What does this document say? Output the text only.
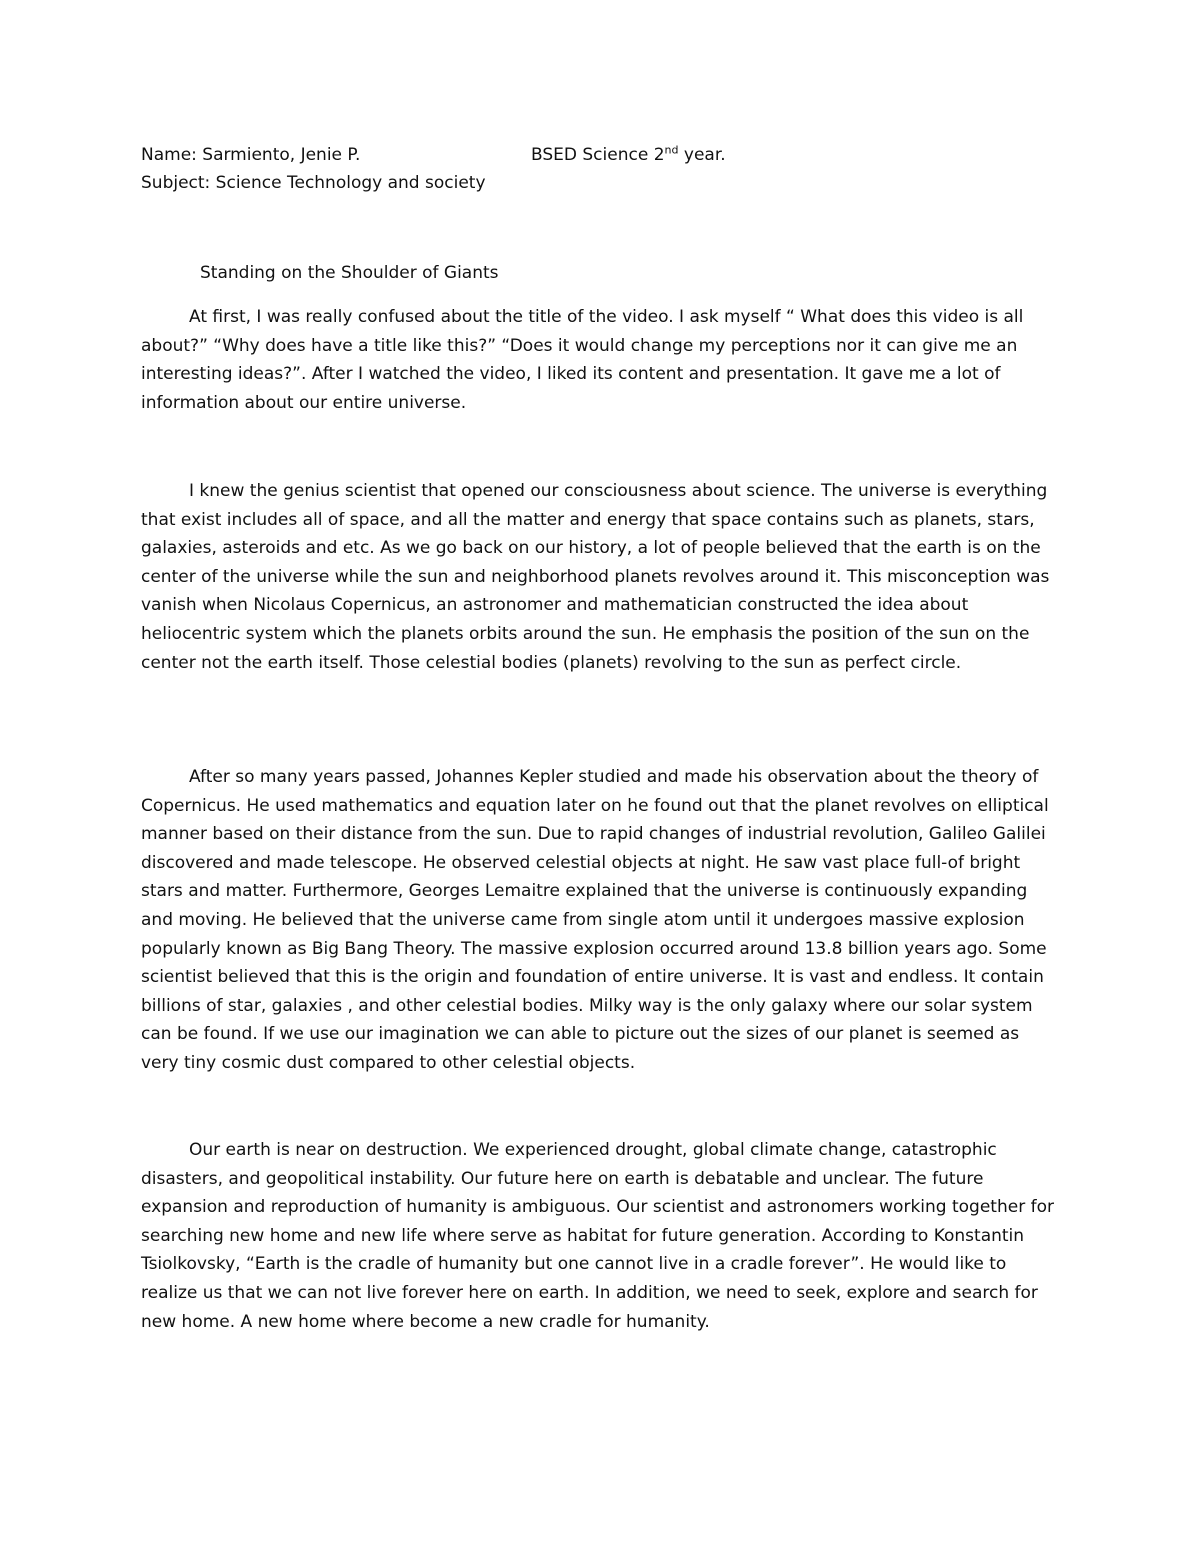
Name: Sarmiento, Jenie P.	BSED Science 2nd year.
Subject: Science Technology and society
Standing on the Shoulder of Giants

At first, I was really confused about the title of the video. I ask myself “ What does this video is all about?” “Why does have a title like this?” “Does it would change my perceptions nor it can give me an interesting ideas?”. After I watched the video, I liked its content and presentation. It gave me a lot of information about our entire universe.

I knew the genius scientist that opened our consciousness about science. The universe is everything that exist includes all of space, and all the matter and energy that space contains such as planets, stars, galaxies, asteroids and etc. As we go back on our history, a lot of people believed that the earth is on the center of the universe while the sun and neighborhood planets revolves around it. This misconception was vanish when Nicolaus Copernicus, an astronomer and mathematician constructed the idea about heliocentric system which the planets orbits around the sun. He emphasis the position of the sun on the center not the earth itself. Those celestial bodies (planets) revolving to the sun as perfect circle.

After so many years passed, Johannes Kepler studied and made his observation about the theory of Copernicus. He used mathematics and equation later on he found out that the planet revolves on elliptical manner based on their distance from the sun. Due to rapid changes of industrial revolution, Galileo Galilei discovered and made telescope. He observed celestial objects at night. He saw vast place full-of bright stars and matter. Furthermore, Georges Lemaitre explained that the universe is continuously expanding and moving. He believed that the universe came from single atom until it undergoes massive explosion popularly known as Big Bang Theory. The massive explosion occurred around 13.8 billion years ago. Some scientist believed that this is the origin and foundation of entire universe. It is vast and endless. It contain billions of star, galaxies , and other celestial bodies. Milky way is the only galaxy where our solar system can be found. If we use our imagination we can able to picture out the sizes of our planet is seemed as very tiny cosmic dust compared to other celestial objects.

Our earth is near on destruction. We experienced drought, global climate change, catastrophic disasters, and geopolitical instability. Our future here on earth is debatable and unclear. The future expansion and reproduction of humanity is ambiguous. Our scientist and astronomers working together for searching new home and new life where serve as habitat for future generation. According to Konstantin Tsiolkovsky, “Earth is the cradle of humanity but one cannot live in a cradle forever”. He would like to realize us that we can not live forever here on earth. In addition, we need to seek, explore and search for new home. A new home where become a new cradle for humanity.
